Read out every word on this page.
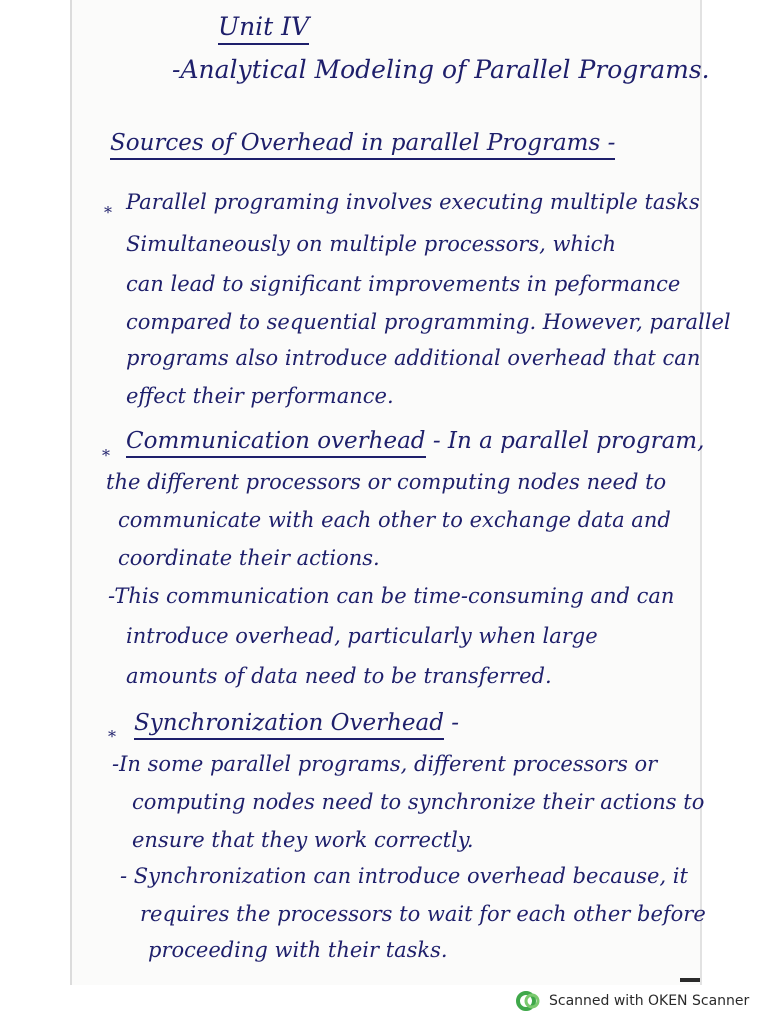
Unit IV
-Analytical Modeling of Parallel Programs.
Sources of Overhead in parallel Programs -
* Parallel programing involves executing multiple tasks
Simultaneously on multiple processors, which
can lead to significant improvements in peformance
compared to sequential programming. However, parallel
programs also introduce additional overhead that can
effect their performance.
*
Communication overhead - In a parallel program,
the different processors or computing nodes need to
communicate with each other to exchange data and
coordinate their actions.
-This communication can be time-consuming and can
introduce overhead, particularly when large
amounts of data need to be transferred.
*
Synchronization Overhead -
-In some parallel programs, different processors or
computing nodes need to synchronize their actions to
ensure that they work correctly.
- Synchronization can introduce overhead because, it
requires the processors to wait for each other before
proceeding with their tasks.
Scanned with OKEN Scanner
